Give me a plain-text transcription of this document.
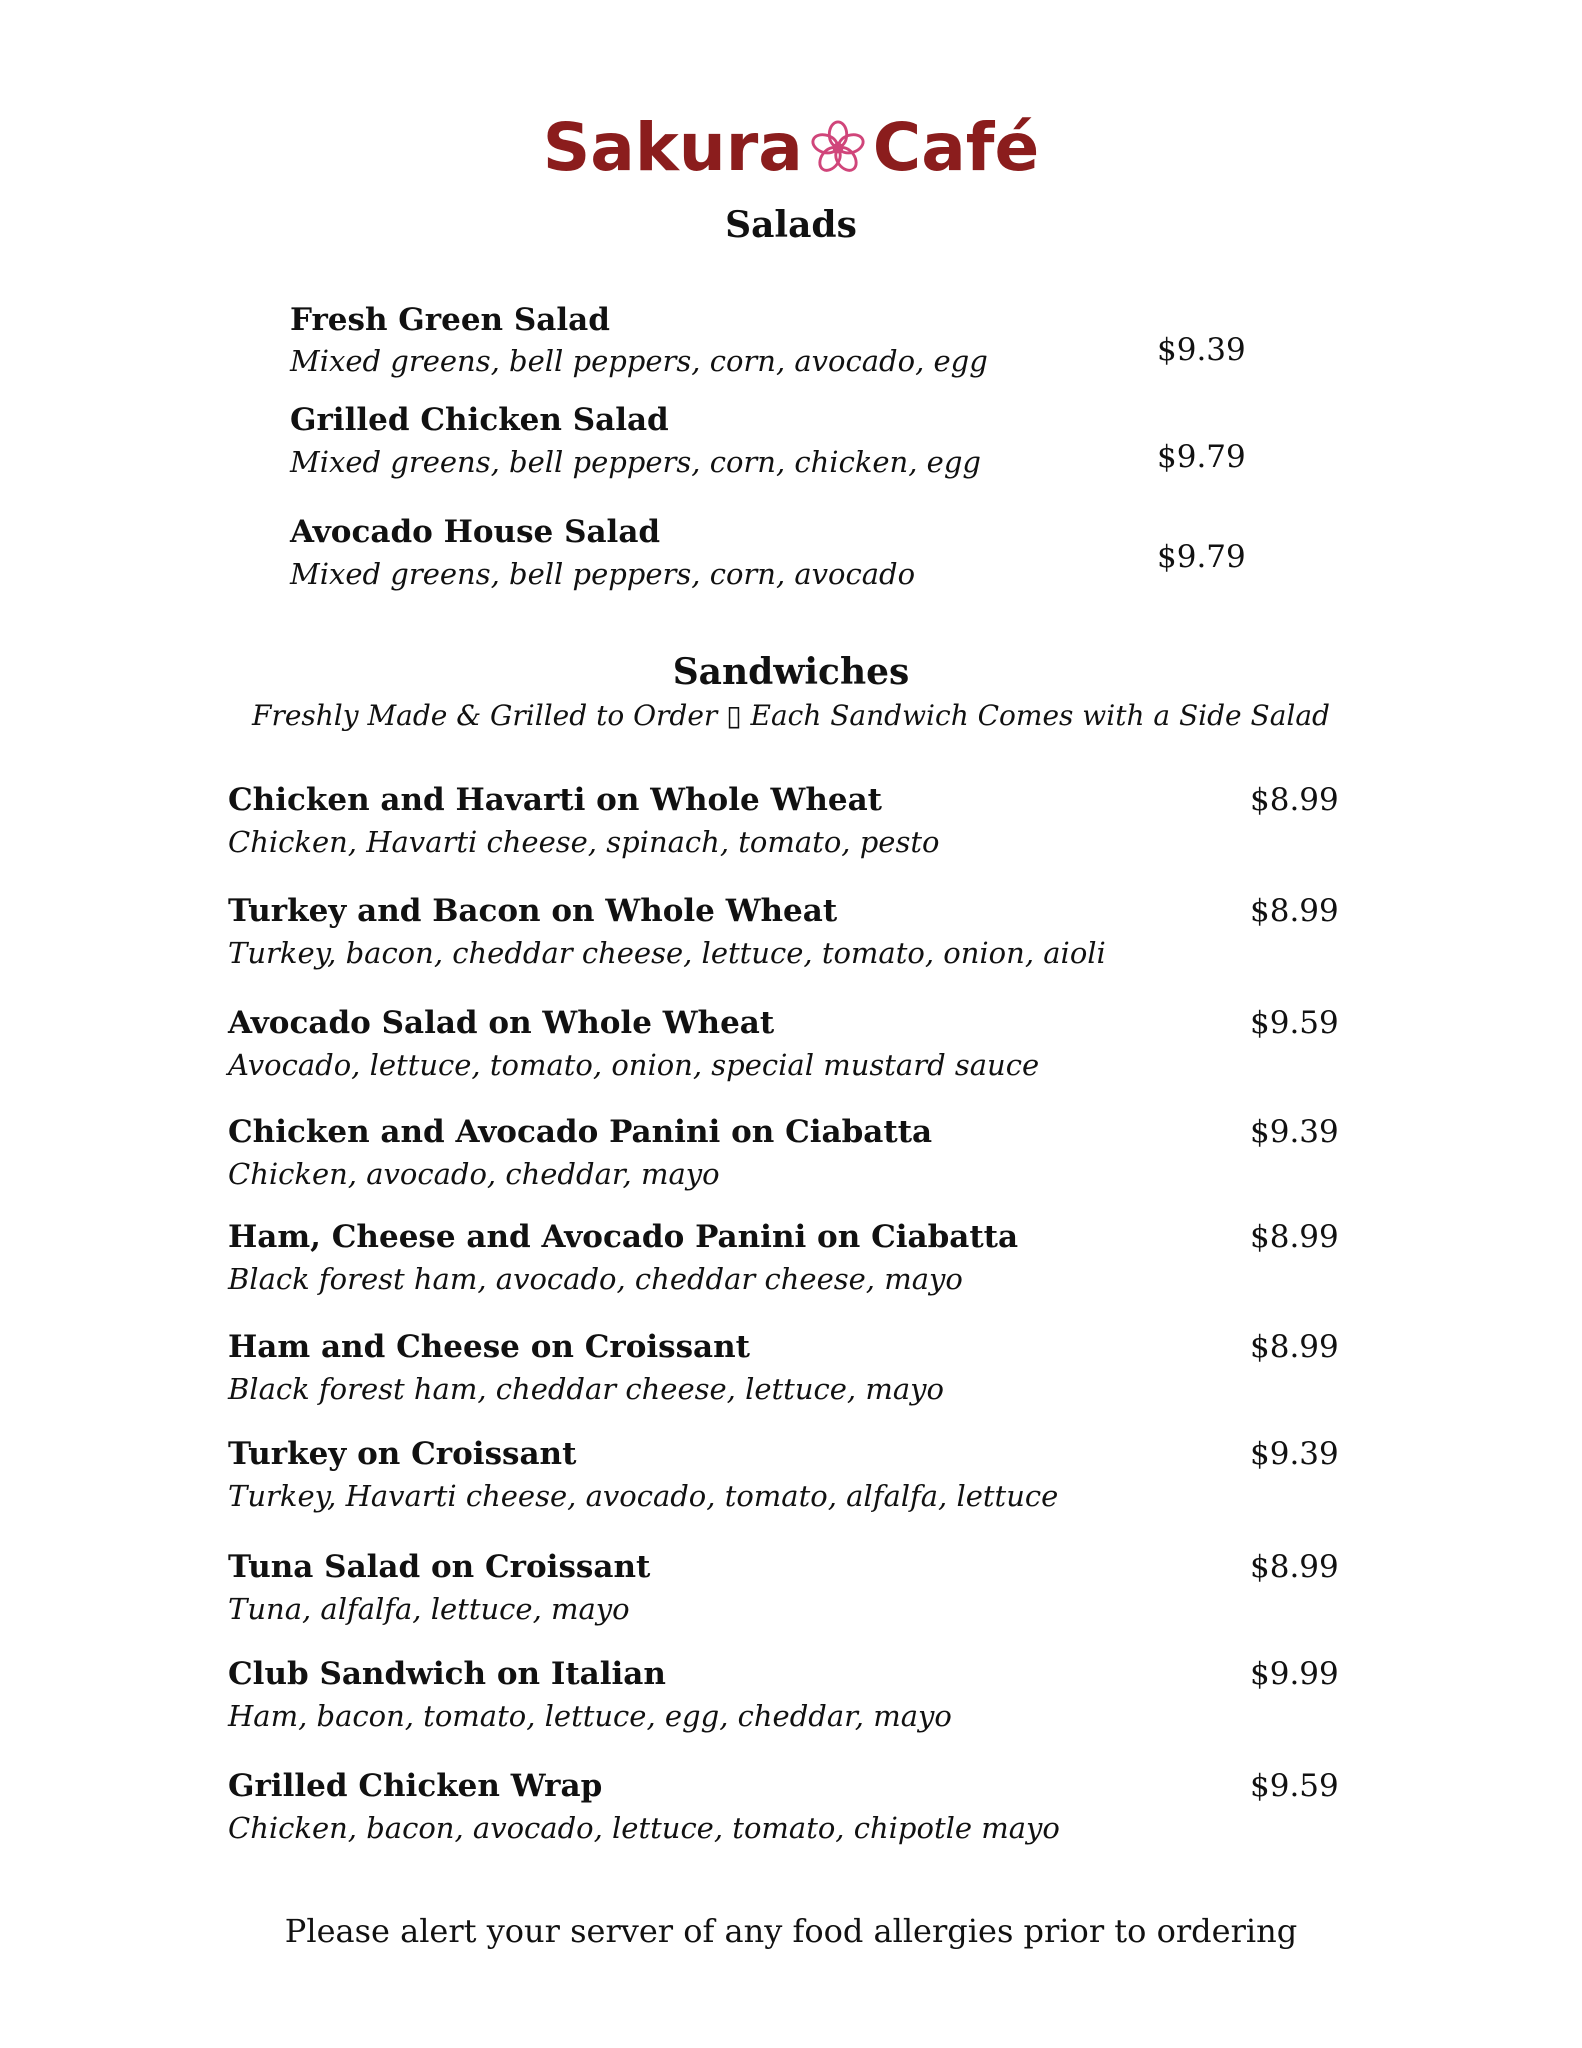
Sakura Café
Salads
Fresh Green Salad
Mixed greens, bell peppers, corn, avocado, egg	$9.39
Grilled Chicken Salad
Mixed greens, bell peppers, corn, chicken, egg	$9.79
Avocado House Salad
Mixed greens, bell peppers, corn, avocado	$9.79
Sandwiches
Freshly Made & Grilled to Order ▯ Each Sandwich Comes with a Side Salad
Chicken and Havarti on Whole Wheat
Chicken, Havarti cheese, spinach, tomato, pesto
$8.99
Turkey and Bacon on Whole Wheat
Turkey, bacon, cheddar cheese, lettuce, tomato, onion, aioli
$8.99
Avocado Salad on Whole Wheat
Avocado, lettuce, tomato, onion, special mustard sauce
$9.59
Chicken and Avocado Panini on Ciabatta
Chicken, avocado, cheddar, mayo
$9.39
Ham, Cheese and Avocado Panini on Ciabatta
Black forest ham, avocado, cheddar cheese, mayo
$8.99
Ham and Cheese on Croissant
Black forest ham, cheddar cheese, lettuce, mayo
$8.99
Turkey on Croissant
Turkey, Havarti cheese, avocado, tomato, alfalfa, lettuce
$9.39
Tuna Salad on Croissant
Tuna, alfalfa, lettuce, mayo
$8.99
Club Sandwich on Italian
Ham, bacon, tomato, lettuce, egg, cheddar, mayo
$9.99
Grilled Chicken Wrap
Chicken, bacon, avocado, lettuce, tomato, chipotle mayo
$9.59
Please alert your server of any food allergies prior to ordering
